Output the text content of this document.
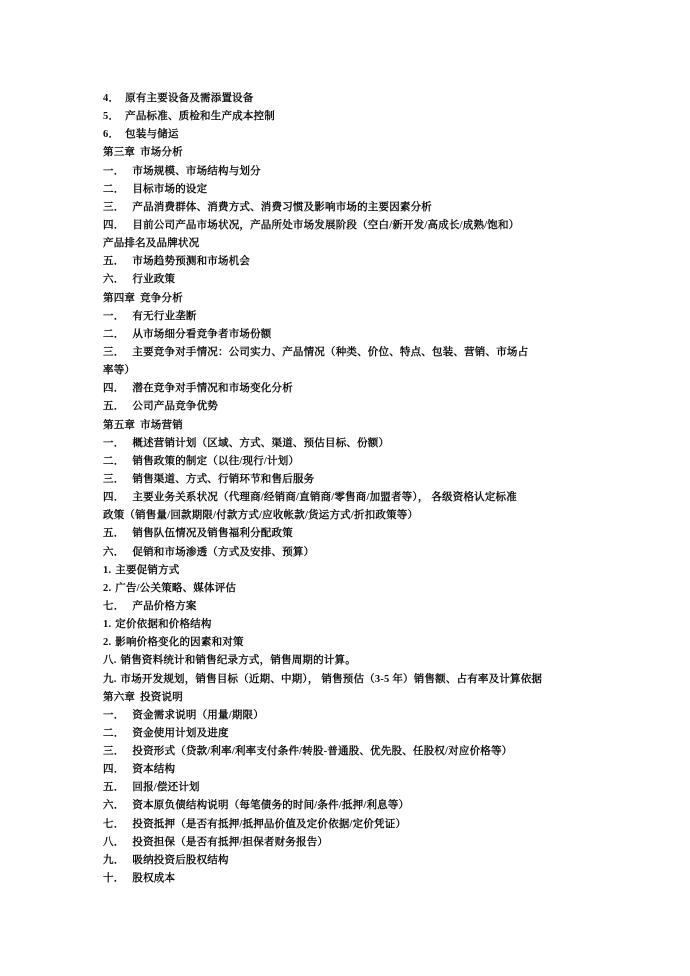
4． 原有主要设备及需添置设备
5． 产品标准、质检和生产成本控制
6． 包装与储运
第三章 市场分析
一． 市场规模、市场结构与划分
二． 目标市场的设定
三． 产品消费群体、消费方式、消费习惯及影响市场的主要因素分析
四． 目前公司产品市场状况，产品所处市场发展阶段（空白/新开发/高成长/成熟/饱和）
产品排名及品牌状况
五． 市场趋势预测和市场机会
六． 行业政策
第四章 竞争分析
一． 有无行业垄断
二． 从市场细分看竞争者市场份额
三． 主要竞争对手情况：公司实力、产品情况（种类、价位、特点、包装、营销、市场占
率等）
四． 潜在竞争对手情况和市场变化分析
五． 公司产品竞争优势
第五章 市场营销
一． 概述营销计划（区域、方式、渠道、预估目标、份额）
二． 销售政策的制定（以往/现行/计划）
三． 销售渠道、方式、行销环节和售后服务
四． 主要业务关系状况（代理商/经销商/直销商/零售商/加盟者等）， 各级资格认定标准
政策（销售量/回款期限/付款方式/应收帐款/货运方式/折扣政策等）
五． 销售队伍情况及销售福利分配政策
六． 促销和市场渗透（方式及安排、预算）
1. 主要促销方式
2. 广告/公关策略、媒体评估
七． 产品价格方案
1. 定价依据和价格结构
2. 影响价格变化的因素和对策
八. 销售资料统计和销售纪录方式，销售周期的计算。
九. 市场开发规划，销售目标（近期、中期）， 销售预估（3-5 年）销售额、占有率及计算依据
第六章 投资说明
一． 资金需求说明（用量/期限）
二． 资金使用计划及进度
三． 投资形式（贷款/利率/利率支付条件/转股-普通股、优先股、任股权/对应价格等）
四． 资本结构
五． 回报/偿还计划
六． 资本原负债结构说明（每笔债务的时间/条件/抵押/利息等）
七． 投资抵押（是否有抵押/抵押品价值及定价依据/定价凭证）
八． 投资担保（是否有抵押/担保者财务报告）
九． 吸纳投资后股权结构
十． 股权成本
